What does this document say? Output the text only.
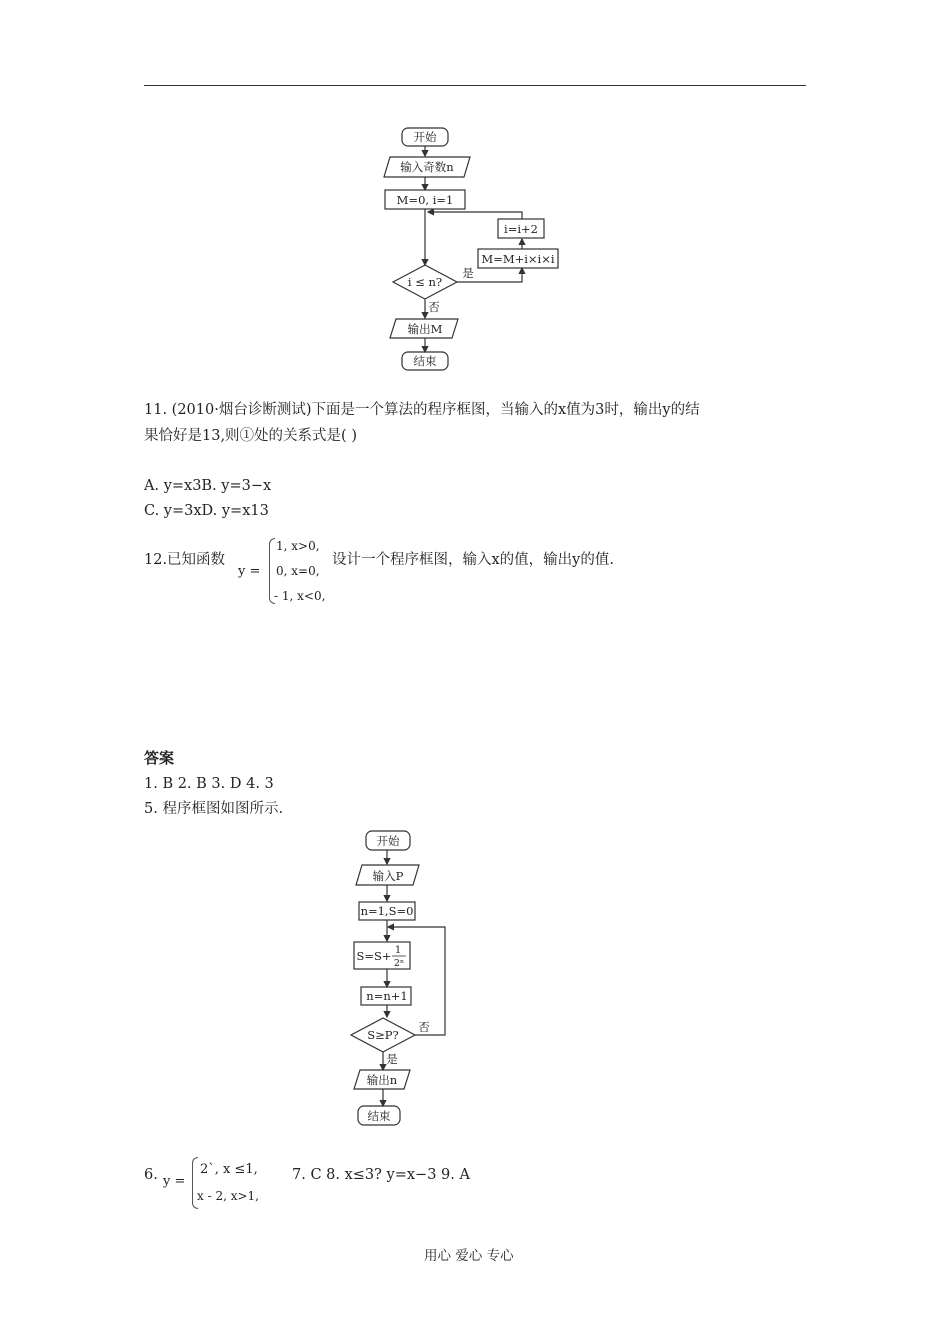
开始
输入奇数n
M=0, i=1
i=i+2
M=M+i×i×i
i ≤ n?
是
否
输出M
结束
11. (2010·烟台诊断测试)下面是一个算法的程序框图，当输入的x值为3时，输出y的结
果恰好是13,则①处的关系式是( )
A. y=x3B. y=3−x
C. y=3xD. y=x13
12.已知函数
y =
1, x>0,
0, x=0,
- 1, x<0,
设计一个程序框图，输入x的值，输出y的值.
答案
1. B 2. B 3. D 4. 3
5. 程序框图如图所示.
开始
输入P
n=1,S=0
S=S+ 1
2ⁿ
n=n+1
S≥P?
否
是
输出n
结束
6. y =
2ˋ, x ≤1,
x - 2, x>1,
7. C 8. x≤3? y=x−3 9. A
用心 爱心 专心
